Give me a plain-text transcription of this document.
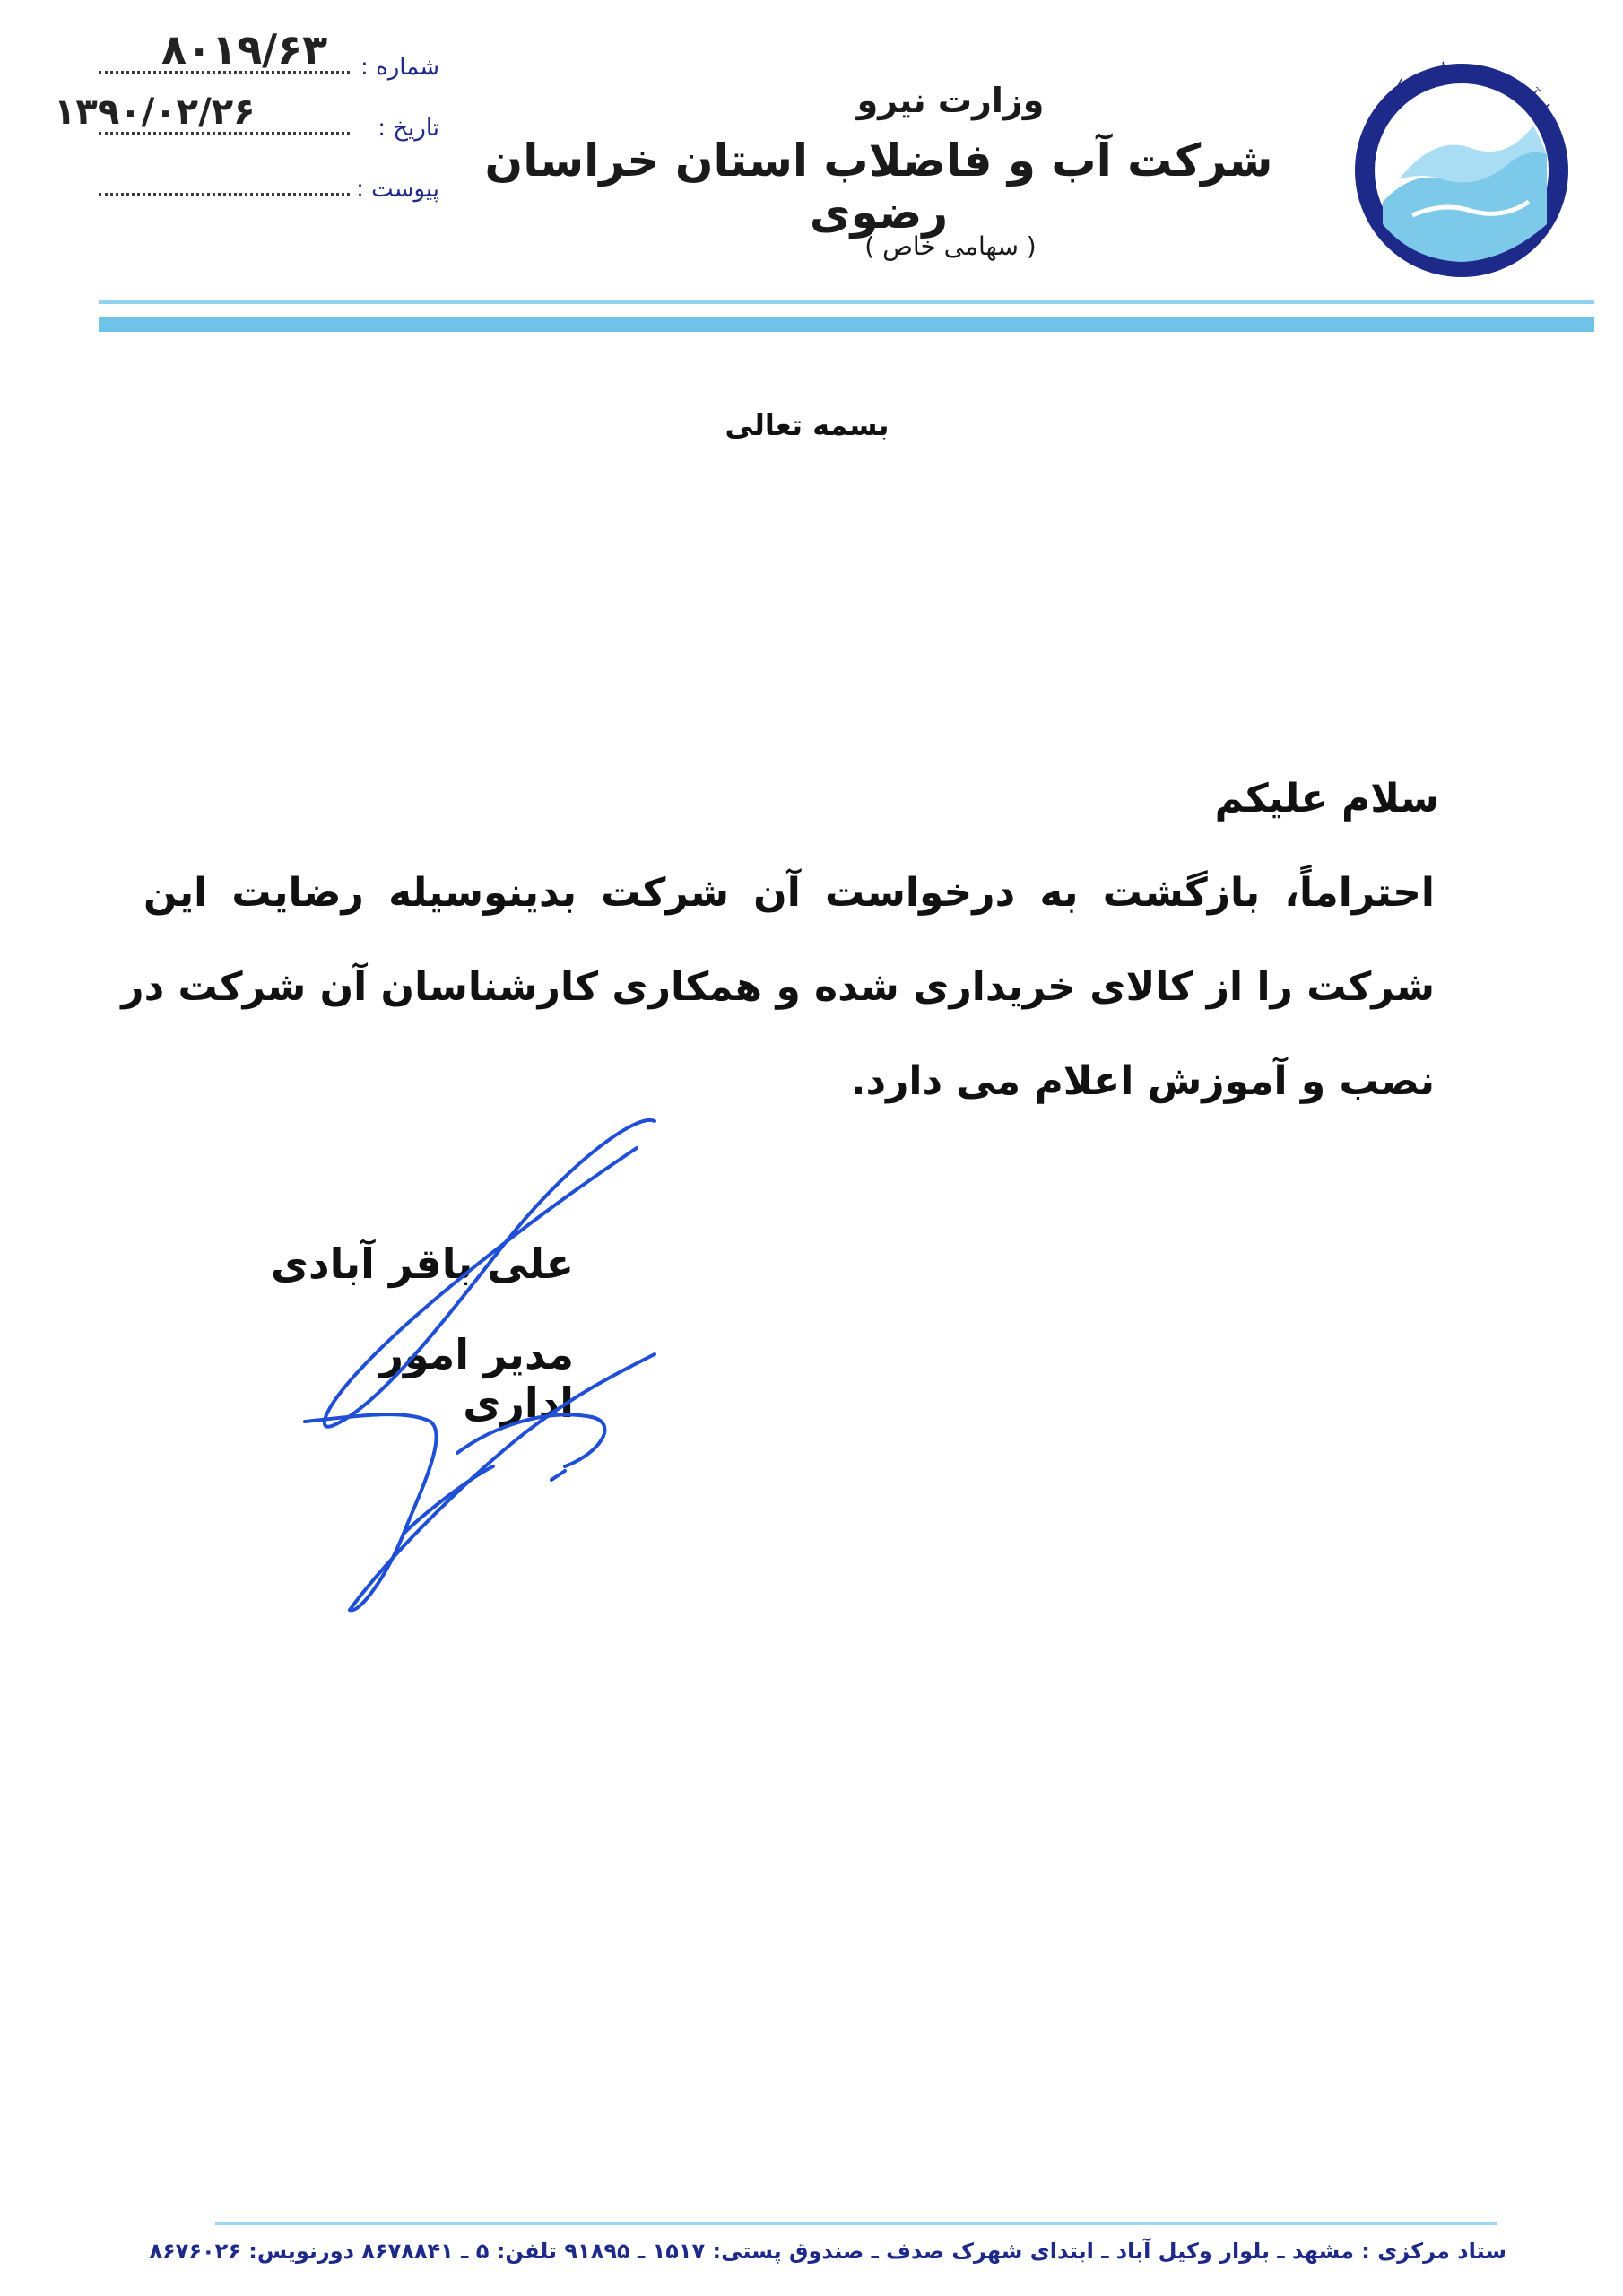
از آب هر چیزی را زنده کردیم
وزارت نیرو
شرکت آب و فاضلاب استان خراسان رضوی
( سهامی خاص )
شماره :
۸۰۱۹/۶۳
تاریخ :
۱۳۹۰/۰۲/۲۶
پیوست :
بسمه تعالی
سلام علیکم
احتراماً، بازگشت به درخواست آن شرکت بدینوسیله رضایت این
شرکت را از کالای خریداری شده و همکاری کارشناسان آن شرکت در
نصب و آموزش اعلام می دارد.
علی باقر آبادی
مدیر امور اداری
ستاد مرکزی : مشهد ـ بلوار وکیل آباد ـ ابتدای شهرک صدف ـ صندوق پستی: ۱۵۱۷ ـ ۹۱۸۹۵ تلفن: ۵ ـ ۸۶۷۸۸۴۱ دورنویس: ۸۶۷۶۰۲۶
